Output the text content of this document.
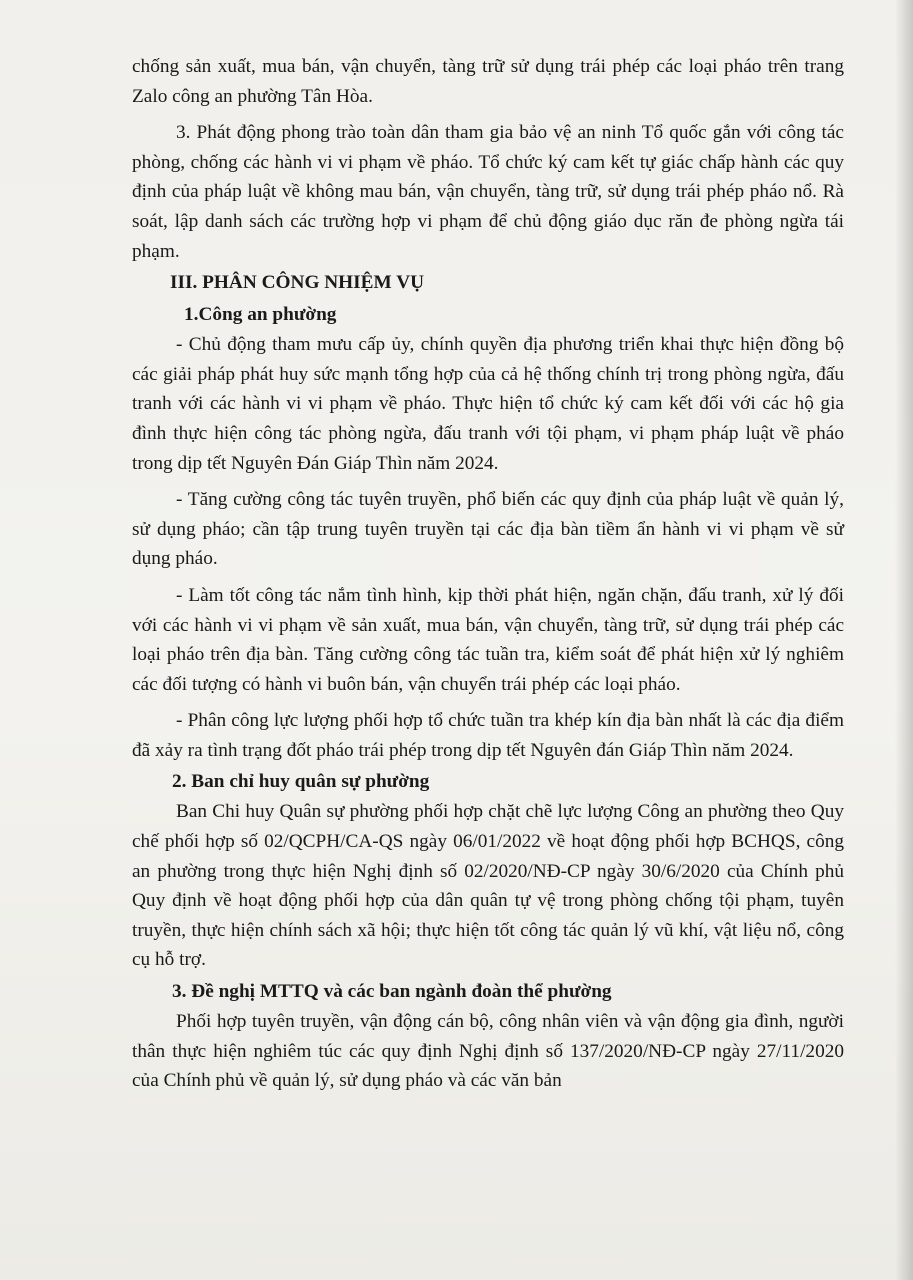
chống sản xuất, mua bán, vận chuyển, tàng trữ sử dụng trái phép các loại pháo trên trang Zalo công an phường Tân Hòa.

3. Phát động phong trào toàn dân tham gia bảo vệ an ninh Tổ quốc gắn với công tác phòng, chống các hành vi vi phạm về pháo. Tổ chức ký cam kết tự giác chấp hành các quy định của pháp luật về không mau bán, vận chuyển, tàng trữ, sử dụng trái phép pháo nổ. Rà soát, lập danh sách các trường hợp vi phạm để chủ động giáo dục răn đe phòng ngừa tái phạm.

III. PHÂN CÔNG NHIỆM VỤ
1.Công an phường

- Chủ động tham mưu cấp ủy, chính quyền địa phương triển khai thực hiện đồng bộ các giải pháp phát huy sức mạnh tổng hợp của cả hệ thống chính trị trong phòng ngừa, đấu tranh với các hành vi vi phạm về pháo. Thực hiện tổ chức ký cam kết đối với các hộ gia đình thực hiện công tác phòng ngừa, đấu tranh với tội phạm, vi phạm pháp luật về pháo trong dịp tết Nguyên Đán Giáp Thìn năm 2024.

- Tăng cường công tác tuyên truyền, phổ biến các quy định của pháp luật về quản lý, sử dụng pháo; cần tập trung tuyên truyền tại các địa bàn tiềm ẩn hành vi vi phạm về sử dụng pháo.

- Làm tốt công tác nắm tình hình, kịp thời phát hiện, ngăn chặn, đấu tranh, xử lý đối với các hành vi vi phạm về sản xuất, mua bán, vận chuyển, tàng trữ, sử dụng trái phép các loại pháo trên địa bàn. Tăng cường công tác tuần tra, kiểm soát để phát hiện xử lý nghiêm các đối tượng có hành vi buôn bán, vận chuyển trái phép các loại pháo.

- Phân công lực lượng phối hợp tổ chức tuần tra khép kín địa bàn nhất là các địa điểm đã xảy ra tình trạng đốt pháo trái phép trong dịp tết Nguyên đán Giáp Thìn năm 2024.

2. Ban chỉ huy quân sự phường

Ban Chi huy Quân sự phường phối hợp chặt chẽ lực lượng Công an phường theo Quy chế phối hợp số 02/QCPH/CA-QS ngày 06/01/2022 về hoạt động phối hợp BCHQS, công an phường trong thực hiện Nghị định số 02/2020/NĐ-CP ngày 30/6/2020 của Chính phủ Quy định về hoạt động phối hợp của dân quân tự vệ trong phòng chống tội phạm, tuyên truyền, thực hiện chính sách xã hội; thực hiện tốt công tác quản lý vũ khí, vật liệu nổ, công cụ hỗ trợ.

3. Đề nghị MTTQ và các ban ngành đoàn thể phường

Phối hợp tuyên truyền, vận động cán bộ, công nhân viên và vận động gia đình, người thân thực hiện nghiêm túc các quy định Nghị định số 137/2020/NĐ-CP ngày 27/11/2020 của Chính phủ về quản lý, sử dụng pháo và các văn bản
